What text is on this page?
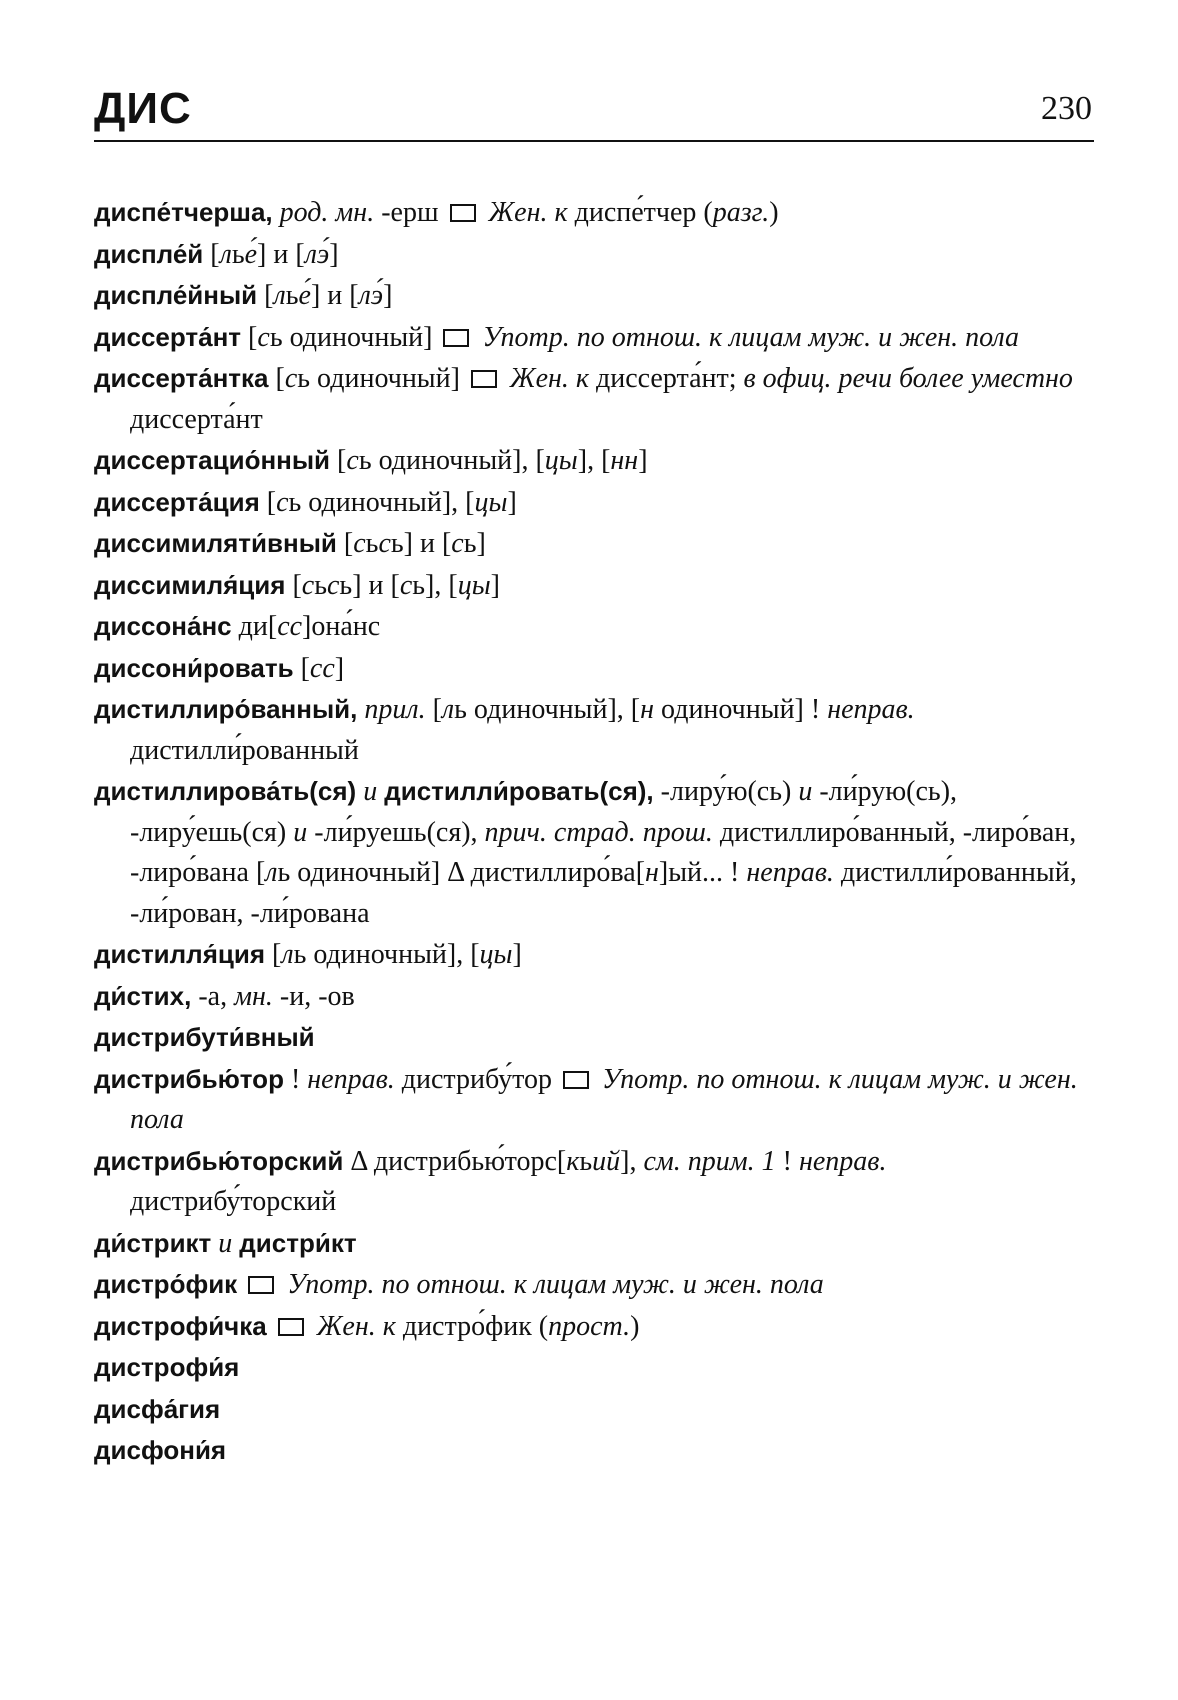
ДИС	230
диспе́тчерша, род. мн. -ерш  Жен. к диспе́тчер (разг.)
диспле́й [лье́] и [лэ́]
диспле́йный [лье́] и [лэ́]
диссерта́нт [сь одиночный]  Употр. по отнош. к лицам муж. и жен. пола
диссерта́нтка [сь одиночный]  Жен. к диссерта́нт; в офиц. речи более уместно диссерта́нт
диссертацио́нный [сь одиночный], [цы], [нн]
диссерта́ция [сь одиночный], [цы]
диссимиляти́вный [сьсь] и [сь]
диссимиля́ция [сьсь] и [сь], [цы]
диссона́нс ди[сс]она́нс
диссони́ровать [сс]
дистиллиро́ванный, прил. [ль одиночный], [н одиночный] ! неправ. дистилли́рованный
дистиллирова́ть(ся) и дистилли́ровать(ся), -лиру́ю(сь) и -ли́рую(сь), -лиру́ешь(ся) и -ли́руешь(ся), прич. страд. прош. дистиллиро́ванный, -лиро́ван, -лиро́вана [ль одиночный] Δ дистиллиро́ва[н]ый... ! неправ. дистилли́рованный, -ли́рован, -ли́рована
дистилля́ция [ль одиночный], [цы]
ди́стих, -а, мн. -и, -ов
дистрибути́вный
дистрибью́тор ! неправ. дистрибу́тор  Употр. по отнош. к лицам муж. и жен. пола
дистрибью́торский Δ дистрибью́торс[кьий], см. прим. 1 ! неправ. дистрибу́торский
ди́стрикт и дистри́кт
дистро́фик  Употр. по отнош. к лицам муж. и жен. пола
дистрофи́чка  Жен. к дистро́фик (прост.)
дистрофи́я
дисфа́гия
дисфони́я
